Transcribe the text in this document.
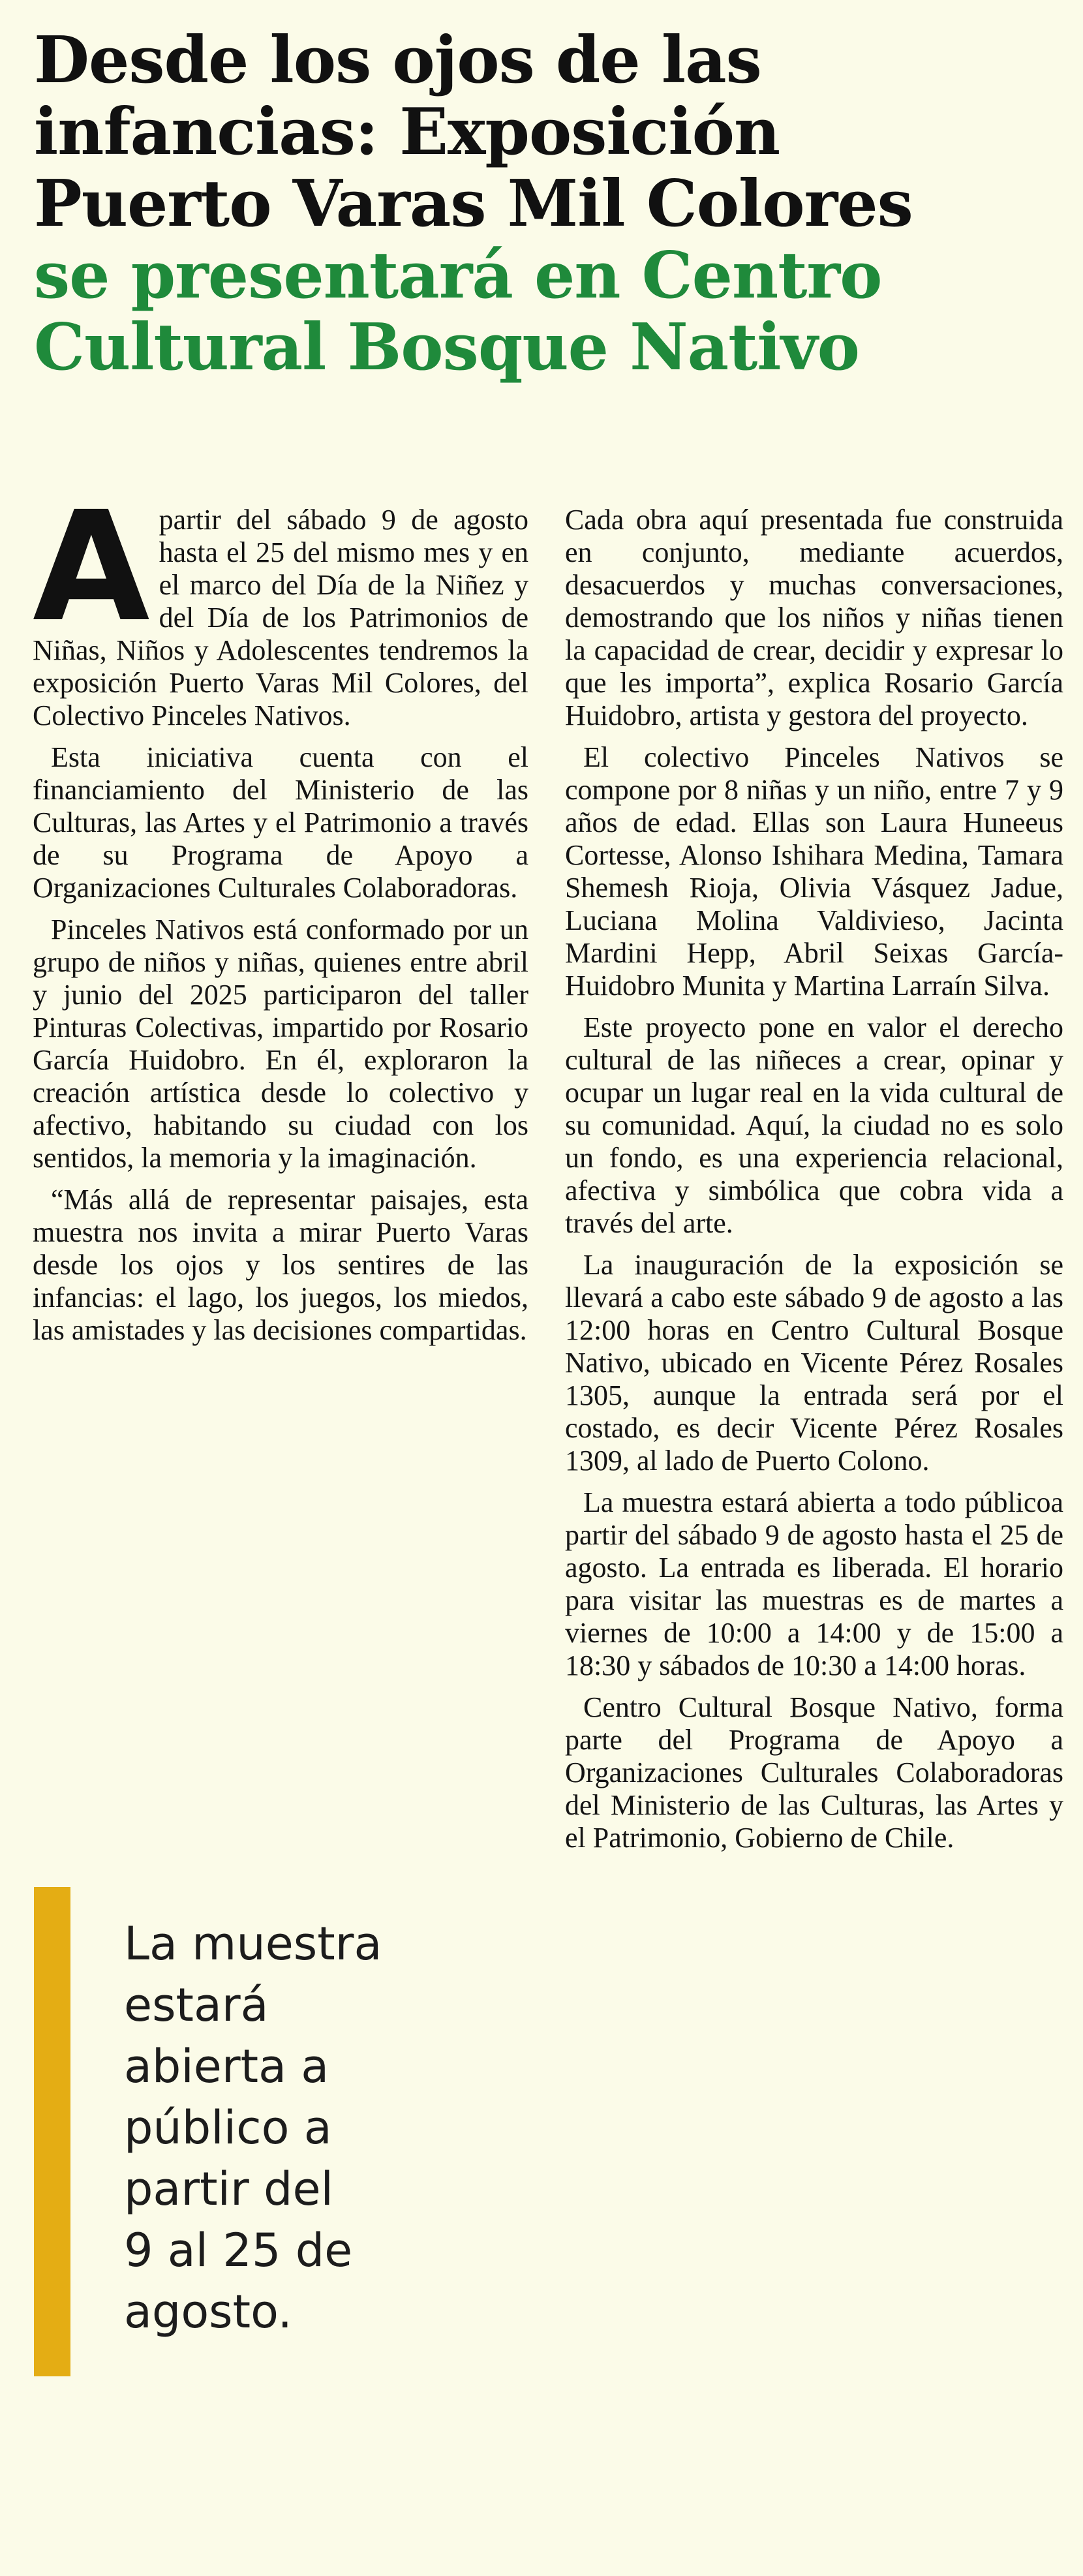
Desde los ojos de las
infancias: Exposición
Puerto Varas Mil Colores
se presentará en Centro
Cultural Bosque Nativo

Apartir del sábado 9 de agosto hasta el 25 del mismo mes y en el marco del Día de la Niñez y del Día de los Patrimonios de Niñas, Niños y Adolescentes tendremos la exposición Puerto Varas Mil Colores, del Colectivo Pinceles Nativos.

Esta iniciativa cuenta con el financiamiento del Ministerio de las Culturas, las Artes y el Patrimonio a través de su Programa de Apoyo a Organizaciones Culturales Colaboradoras.

Pinceles Nativos está conformado por un grupo de niños y niñas, quienes entre abril y junio del 2025 participaron del taller Pinturas Colectivas, impartido por Rosario García Huidobro. En él, exploraron la creación artística desde lo colectivo y afectivo, habitando su ciudad con los sentidos, la memoria y la imaginación.

“Más allá de representar paisajes, esta muestra nos invita a mirar Puerto Varas desde los ojos y los sentires de las infancias: el lago, los juegos, los miedos, las amistades y las decisiones compartidas.

Cada obra aquí presentada fue construida en conjunto, mediante acuerdos, desacuerdos y muchas conversaciones, demostrando que los niños y niñas tienen la capacidad de crear, decidir y expresar lo que les importa”, explica Rosario García Huidobro, artista y gestora del proyecto.

El colectivo Pinceles Nativos se compone por 8 niñas y un niño, entre 7 y 9 años de edad. Ellas son Laura Huneeus Cortesse, Alonso Ishihara Medina, Tamara Shemesh Rioja, Olivia Vásquez Jadue, Luciana Molina Valdivieso, Jacinta Mardini Hepp, Abril Seixas García-Huidobro Munita y Martina Larraín Silva.

Este proyecto pone en valor el derecho cultural de las niñeces a crear, opinar y ocupar un lugar real en la vida cultural de su comunidad. Aquí, la ciudad no es solo un fondo, es una experiencia relacional, afectiva y simbólica que cobra vida a través del arte.

La inauguración de la exposición se llevará a cabo este sábado 9 de agosto a las 12:00 horas en Centro Cultural Bosque Nativo, ubicado en Vicente Pérez Rosales 1305, aunque la entrada será por el costado, es decir Vicente Pérez Rosales 1309, al lado de Puerto Colono.

La muestra estará abierta a todo públicoa partir del sábado 9 de agosto hasta el 25 de agosto. La entrada es liberada. El horario para visitar las muestras es de martes a viernes de 10:00 a 14:00 y de 15:00 a 18:30 y sábados de 10:30 a 14:00 horas.

Centro Cultural Bosque Nativo, forma parte del Programa de Apoyo a Organizaciones Culturales Colaboradoras del Ministerio de las Culturas, las Artes y el Patrimonio, Gobierno de Chile.

La muestra
estará
abierta a
público a
partir del
9 al 25 de
agosto.
